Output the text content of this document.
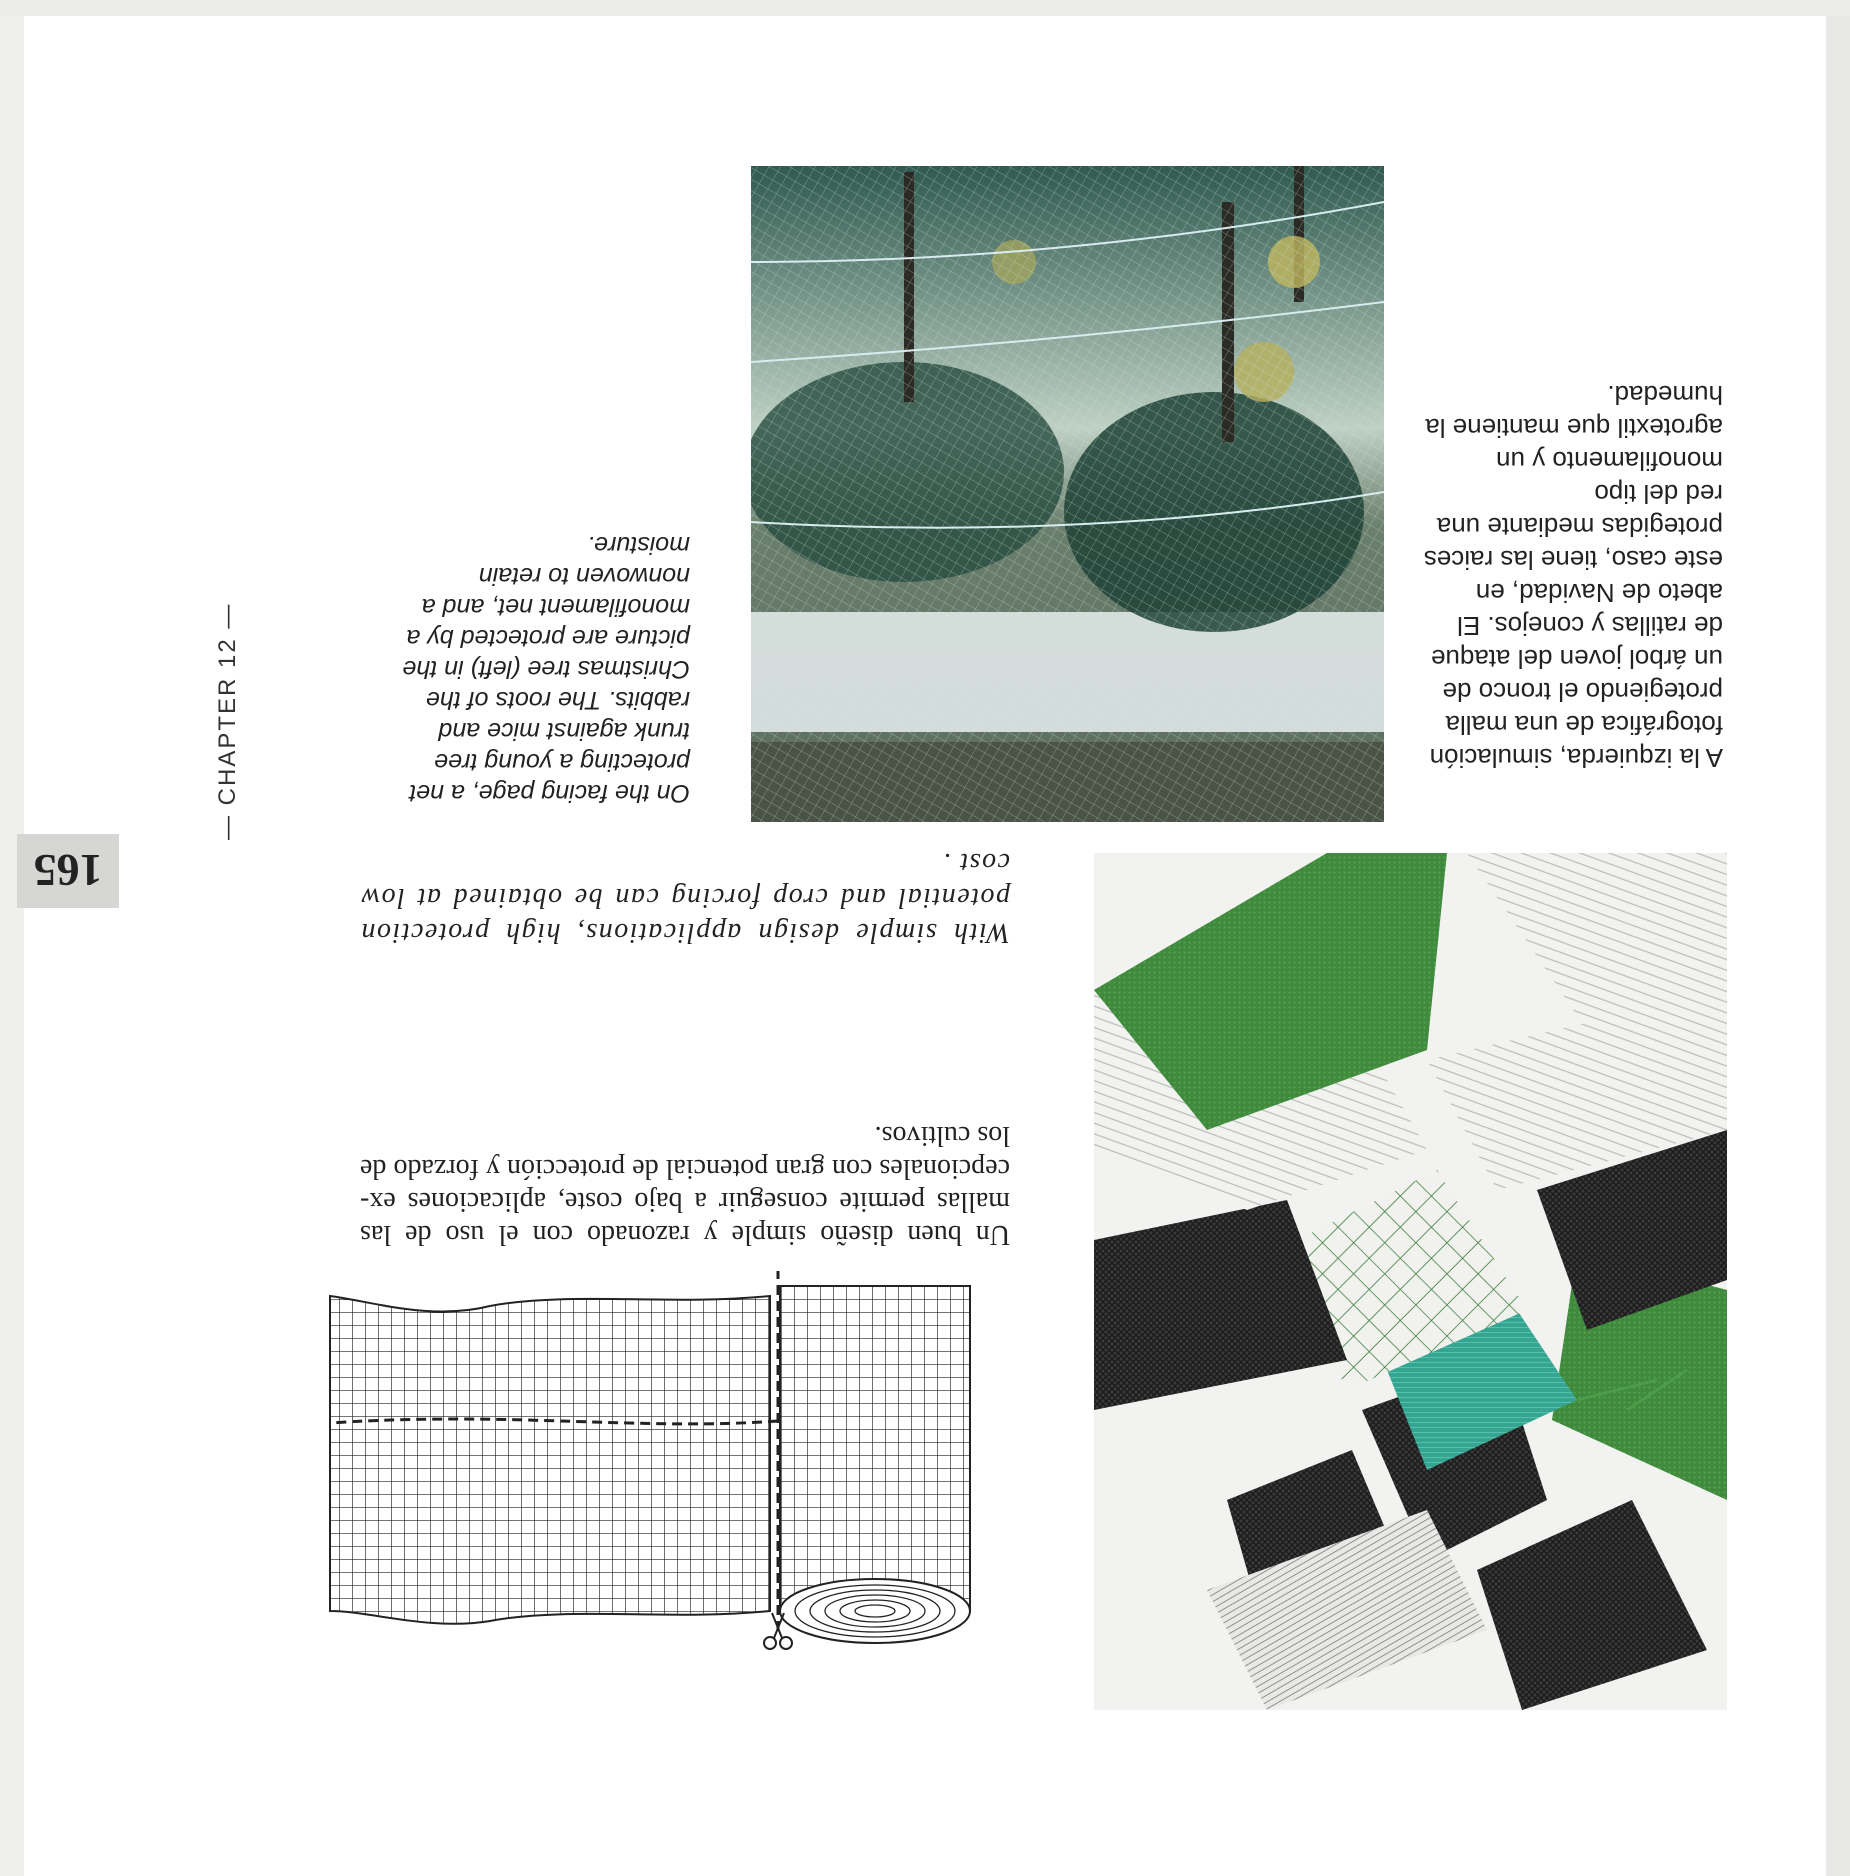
A la izquierda, simulación fotográfica de una malla protegiendo el tronco de un árbol joven del ataque de ratillas y conejos. El abeto de Navidad, en este caso, tiene las raices protegidas mediante una red del tipo monofilamento y un agrotextil que mantiene la humedad.
On the facing page, a net protecting a young tree trunk against mice and rabbits. The roots of the Christmas tree (left) in the picture are protected by a monofilament net, and a nonwoven to retain moisture.
Un buen diseño simple y razonado con el uso de las mallas permite conseguir a bajo coste, aplicaciones excepcionales con gran potencial de protección y forzado de los cultivos.
With simple design applications, high protection potential and crop forcing can be obtained at low cost .
165
— CHAPTER 12 —
